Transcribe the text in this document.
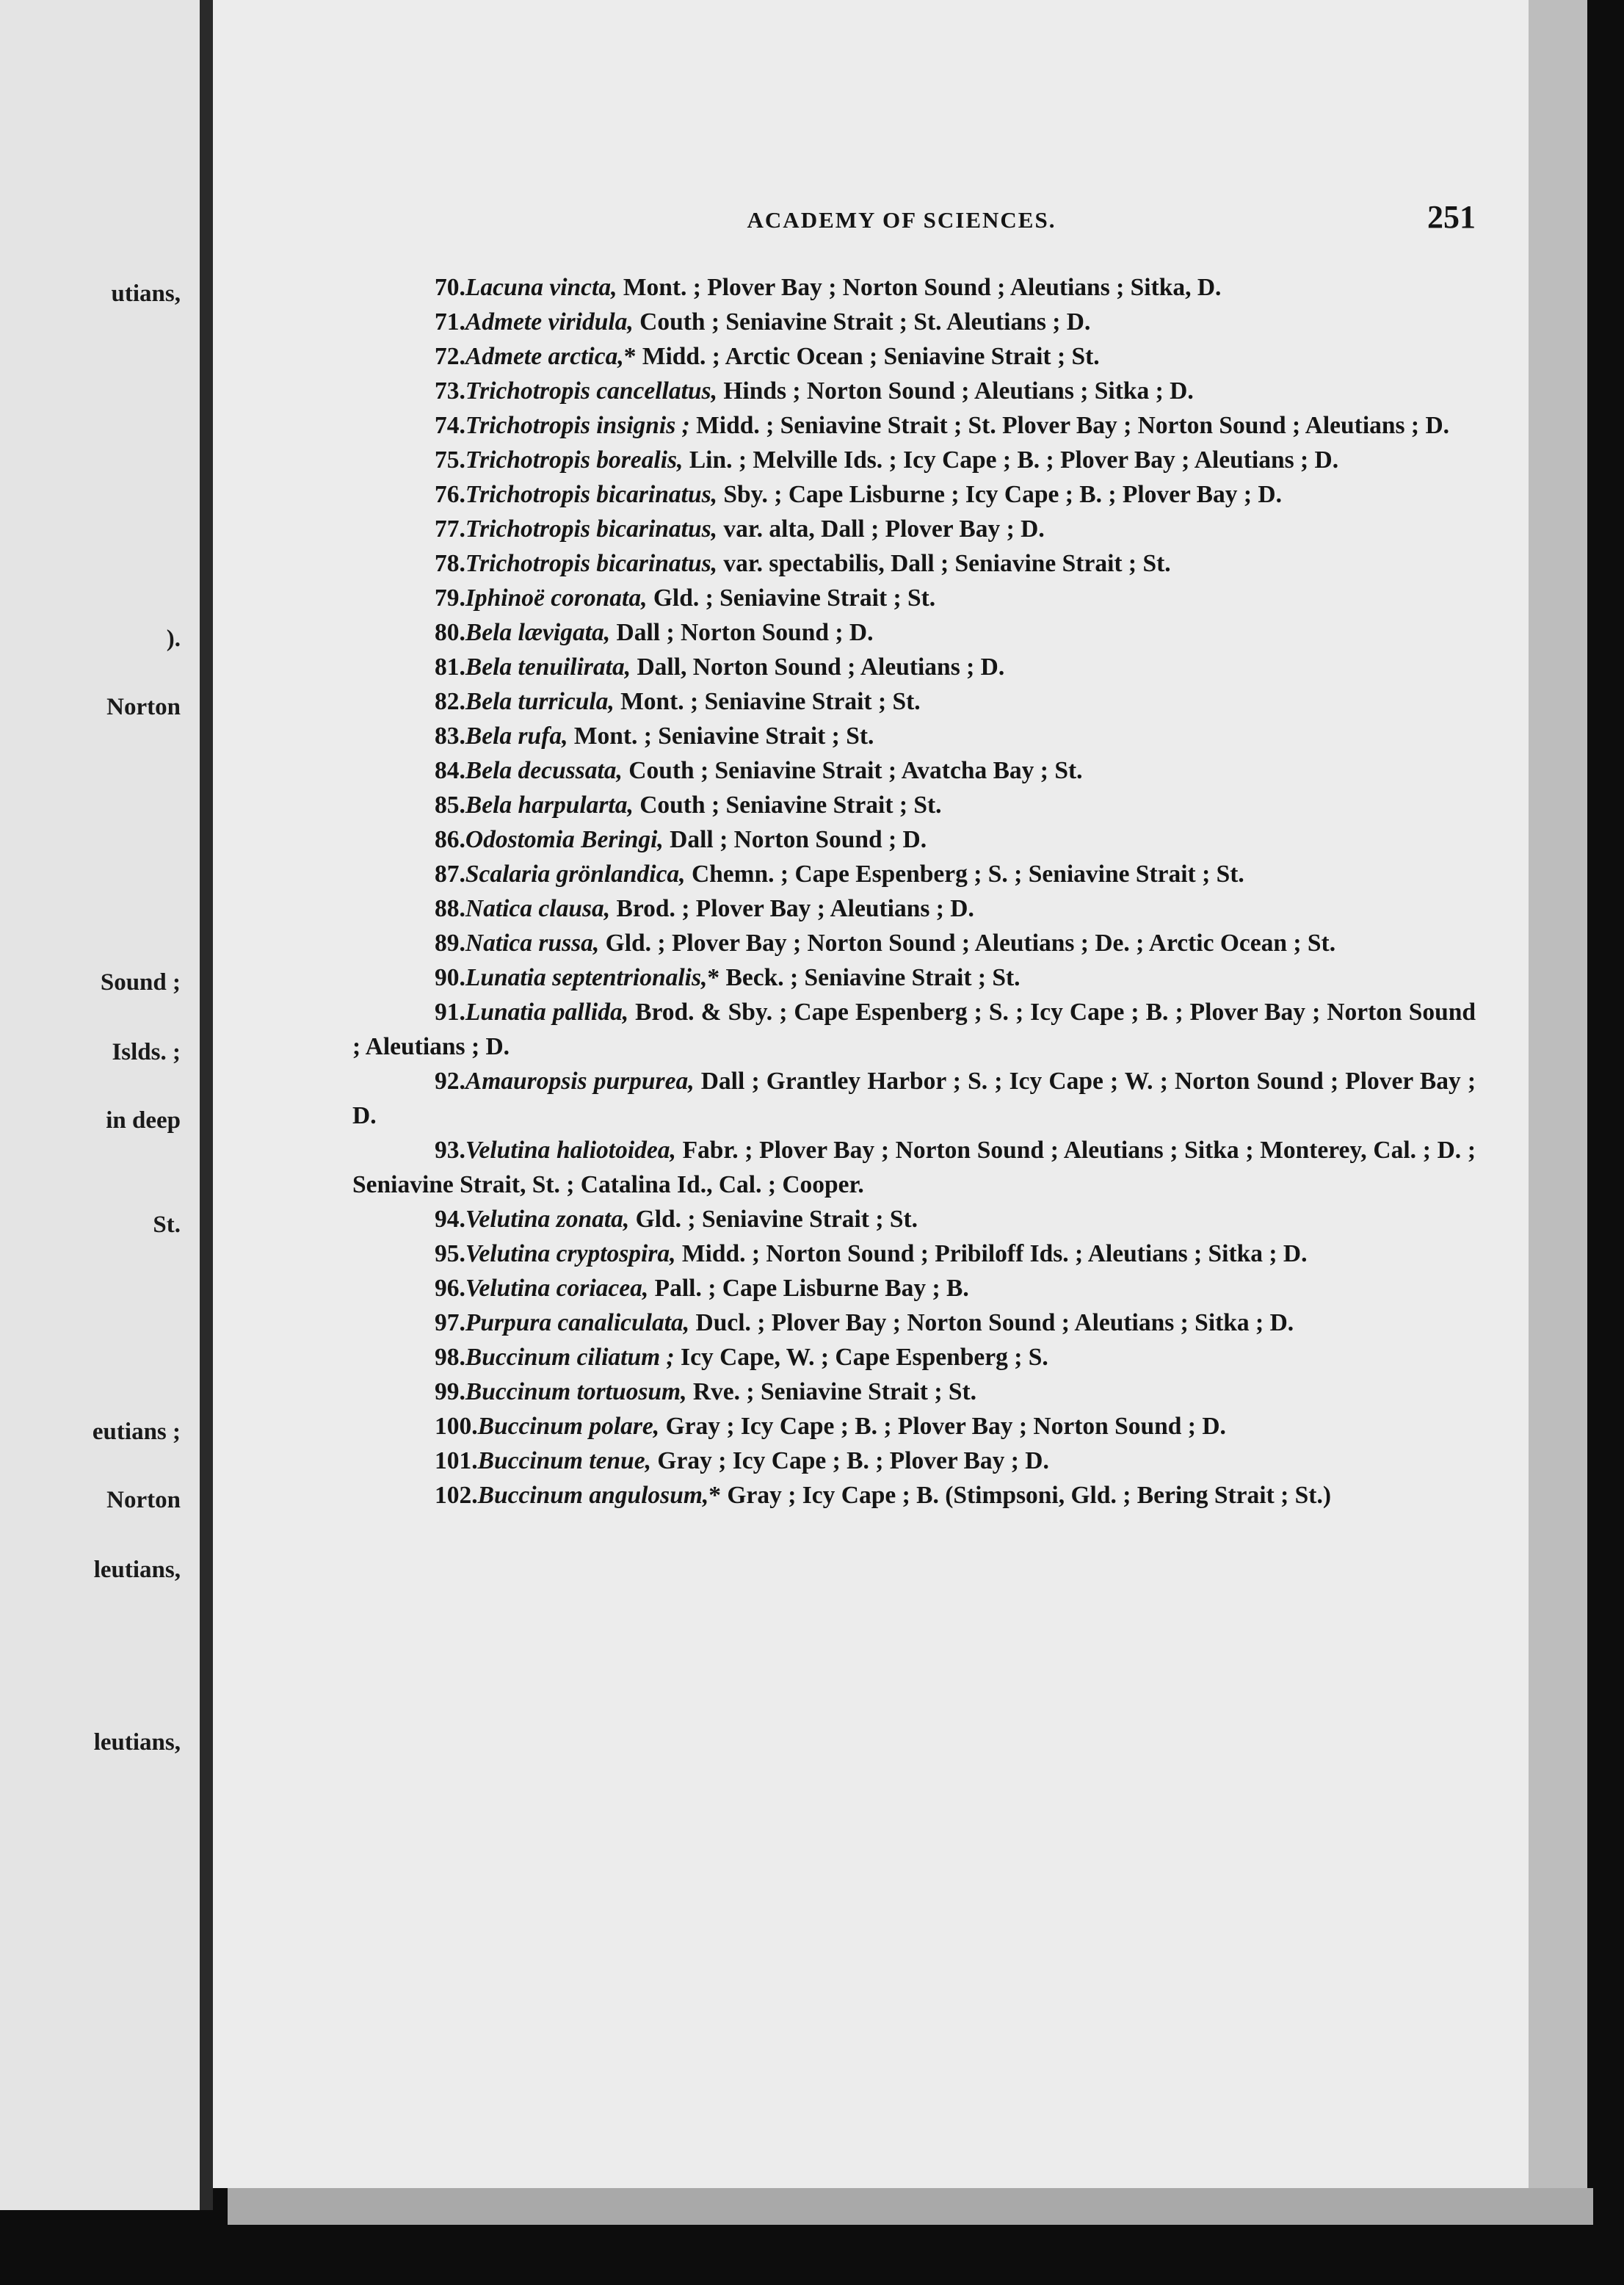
utians,
).
Norton
Sound ;
Islds. ;
in deep
St.
eutians ;
Norton
leutians,
leutians,
ACADEMY OF SCIENCES.	251

70.Lacuna vincta, Mont. ; Plover Bay ; Norton Sound ; Aleutians ; Sitka, D.

71.Admete viridula, Couth ; Seniavine Strait ; St. Aleutians ; D.

72.Admete arctica,* Midd. ; Arctic Ocean ; Seniavine Strait ; St.

73.Trichotropis cancellatus, Hinds ; Norton Sound ; Aleutians ; Sitka ; D.

74.Trichotropis insignis ; Midd. ; Seniavine Strait ; St. Plover Bay ; Norton Sound ; Aleutians ; D.

75.Trichotropis borealis, Lin. ; Melville Ids. ; Icy Cape ; B. ; Plover Bay ; Aleutians ; D.

76.Trichotropis bicarinatus, Sby. ; Cape Lisburne ; Icy Cape ; B. ; Plover Bay ; D.

77.Trichotropis bicarinatus, var. alta, Dall ; Plover Bay ; D.

78.Trichotropis bicarinatus, var. spectabilis, Dall ; Seniavine Strait ; St.

79.Iphinoë coronata, Gld. ; Seniavine Strait ; St.

80.Bela lævigata, Dall ; Norton Sound ; D.

81.Bela tenuilirata, Dall, Norton Sound ; Aleutians ; D.

82.Bela turricula, Mont. ; Seniavine Strait ; St.

83.Bela rufa, Mont. ; Seniavine Strait ; St.

84.Bela decussata, Couth ; Seniavine Strait ; Avatcha Bay ; St.

85.Bela harpularta, Couth ; Seniavine Strait ; St.

86.Odostomia Beringi, Dall ; Norton Sound ; D.

87.Scalaria grönlandica, Chemn. ; Cape Espenberg ; S. ; Seniavine Strait ; St.

88.Natica clausa, Brod. ; Plover Bay ; Aleutians ; D.

89.Natica russa, Gld. ; Plover Bay ; Norton Sound ; Aleutians ; De. ; Arctic Ocean ; St.

90.Lunatia septentrionalis,* Beck. ; Seniavine Strait ; St.

91.Lunatia pallida, Brod. & Sby. ; Cape Espenberg ; S. ; Icy Cape ; B. ; Plover Bay ; Norton Sound ; Aleutians ; D.

92.Amauropsis purpurea, Dall ; Grantley Harbor ; S. ; Icy Cape ; W. ; Norton Sound ; Plover Bay ; D.

93.Velutina haliotoidea, Fabr. ; Plover Bay ; Norton Sound ; Aleutians ; Sitka ; Monterey, Cal. ; D. ; Seniavine Strait, St. ; Catalina Id., Cal. ; Cooper.

94.Velutina zonata, Gld. ; Seniavine Strait ; St.

95.Velutina cryptospira, Midd. ; Norton Sound ; Pribiloff Ids. ; Aleutians ; Sitka ; D.

96.Velutina coriacea, Pall. ; Cape Lisburne Bay ; B.

97.Purpura canaliculata, Ducl. ; Plover Bay ; Norton Sound ; Aleutians ; Sitka ; D.

98.Buccinum ciliatum ; Icy Cape, W. ; Cape Espenberg ; S.

99.Buccinum tortuosum, Rve. ; Seniavine Strait ; St.

100.Buccinum polare, Gray ; Icy Cape ; B. ; Plover Bay ; Norton Sound ; D.

101.Buccinum tenue, Gray ; Icy Cape ; B. ; Plover Bay ; D.

102.Buccinum angulosum,* Gray ; Icy Cape ; B. (Stimpsoni, Gld. ; Bering Strait ; St.)
